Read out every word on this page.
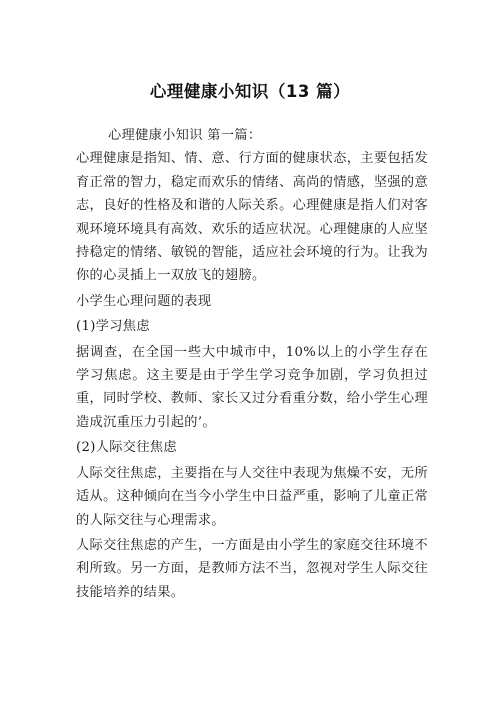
心理健康小知识（13 篇）

心理健康小知识 第一篇：

心理健康是指知、情、意、行方面的健康状态，主要包括发育正常的智力，稳定而欢乐的情绪、高尚的情感，坚强的意志，良好的性格及和谐的人际关系。心理健康是指人们对客观环境环境具有高效、欢乐的适应状况。心理健康的人应坚持稳定的情绪、敏锐的智能，适应社会环境的行为。让我为你的心灵插上一双放飞的翅膀。

小学生心理问题的表现

(1)学习焦虑

据调查，在全国一些大中城市中，10%以上的小学生存在学习焦虑。这主要是由于学生学习竞争加剧，学习负担过重，同时学校、教师、家长又过分看重分数，给小学生心理造成沉重压力引起的’。

(2)人际交往焦虑

人际交往焦虑，主要指在与人交往中表现为焦燥不安，无所适从。这种倾向在当今小学生中日益严重，影响了儿童正常的人际交往与心理需求。

人际交往焦虑的产生，一方面是由小学生的家庭交往环境不利所致。另一方面，是教师方法不当，忽视对学生人际交往技能培养的结果。
